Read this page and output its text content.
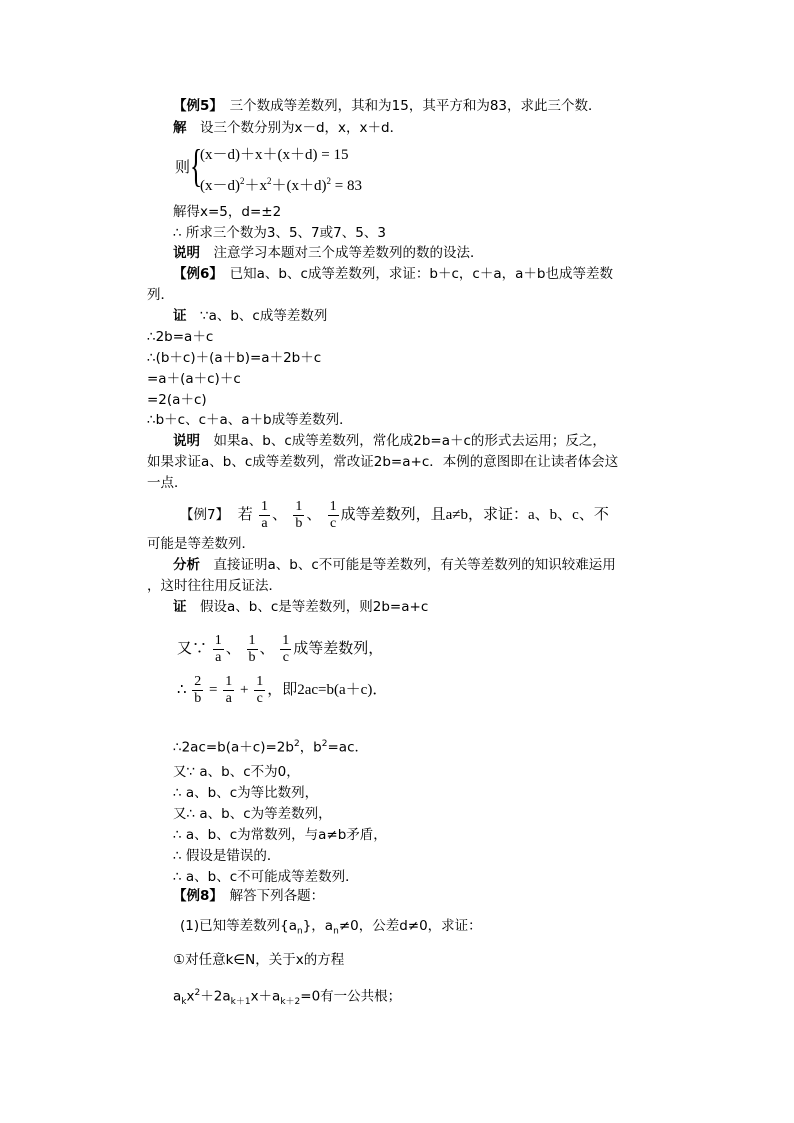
【例5】　三个数成等差数列，其和为15，其平方和为83，求此三个数．
解　设三个数分别为x－d，x，x＋d．
则 {
(x－d)＋x＋(x＋d) = 15
$(x-d)^2+x^2+(x+d)^2 = 83$
解得x=5，d=±2
∴ 所求三个数为3、5、7或7、5、3
说明　注意学习本题对三个成等差数列的数的设法．
【例6】　已知a、b、c成等差数列，求证：b＋c，c＋a，a＋b也成等差数
列．
证　∵a、b、c成等差数列
∴2b=a＋c
∴(b＋c)＋(a＋b)=a＋2b＋c
=a＋(a＋c)＋c
=2(a＋c)
∴b＋c、c＋a、a＋b成等差数列．
说明　如果a、b、c成等差数列，常化成2b=a＋c的形式去运用；反之，
如果求证a、b、c成等差数列，常改证2b=a+c．本例的意图即在让读者体会这
一点．
【例7】 若 $\frac{1}{a}$ 、 $\frac{1}{b}$ 、 $\frac{1}{c}$ 成等差数列，且a≠b，求证：a、b、c、不
可能是等差数列．
分析　直接证明a、b、c不可能是等差数列，有关等差数列的知识较难运用
，这时往往用反证法．
证　假设a、b、c是等差数列，则2b=a+c
又∵ $\frac{1}{a}$ 、 $\frac{1}{b}$ 、 $\frac{1}{c}$ 成等差数列，
∴ $\frac{2}{b} = \frac{1}{a} + \frac{1}{c}$ ，即2ac=b(a＋c)．
$\therefore 2ac=b(a+c)=2b^2$，$b^2=ac$．
又∵ a、b、c不为0，
∴ a、b、c为等比数列，
又∴ a、b、c为等差数列，
∴ a、b、c为常数列，与a≠b矛盾，
∴ 假设是错误的．
∴ a、b、c不可能成等差数列．
【例8】　解答下列各题：
(1)已知等差数列$\{a_n\}$，$a_n\ne 0$，公差d≠0，求证：
①对任意k∈N，关于x的方程
$a_kx^2+2a_{k+1}x+a_{k+2}=0$有一公共根；
